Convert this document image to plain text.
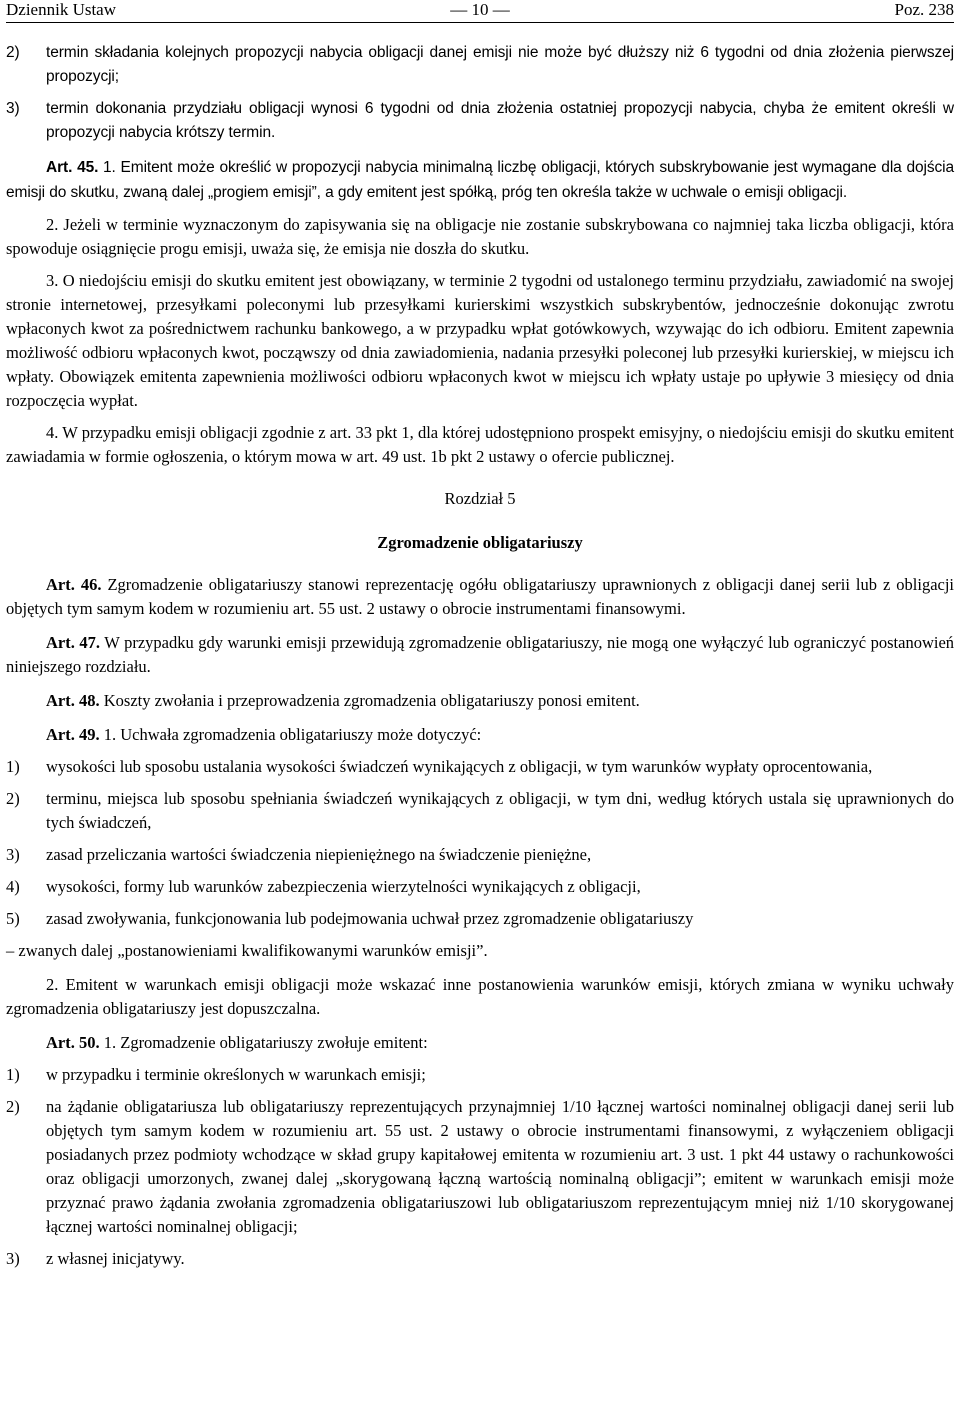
Dziennik Ustaw	— 10 —	Poz. 238
2)	termin składania kolejnych propozycji nabycia obligacji danej emisji nie może być dłuższy niż 6 tygodni od dnia złożenia pierwszej propozycji;
3)	termin dokonania przydziału obligacji wynosi 6 tygodni od dnia złożenia ostatniej propozycji nabycia, chyba że emitent określi w propozycji nabycia krótszy termin.

Art. 45. 1. Emitent może określić w propozycji nabycia minimalną liczbę obligacji, których subskrybowanie jest wymagane dla dojścia emisji do skutku, zwaną dalej „progiem emisji”, a gdy emitent jest spółką, próg ten określa także w uchwale o emisji obligacji.

2. Jeżeli w terminie wyznaczonym do zapisywania się na obligacje nie zostanie subskrybowana co najmniej taka liczba obligacji, która spowoduje osiągnięcie progu emisji, uważa się, że emisja nie doszła do skutku.

3. O niedojściu emisji do skutku emitent jest obowiązany, w terminie 2 tygodni od ustalonego terminu przydziału, zawiadomić na swojej stronie internetowej, przesyłkami poleconymi lub przesyłkami kurierskimi wszystkich subskrybentów, jednocześnie dokonując zwrotu wpłaconych kwot za pośrednictwem rachunku bankowego, a w przypadku wpłat gotówkowych, wzywając do ich odbioru. Emitent zapewnia możliwość odbioru wpłaconych kwot, począwszy od dnia zawiadomienia, nadania przesyłki poleconej lub przesyłki kurierskiej, w miejscu ich wpłaty. Obowiązek emitenta zapewnienia możliwości odbioru wpłaconych kwot w miejscu ich wpłaty ustaje po upływie 3 miesięcy od dnia rozpoczęcia wypłat.

4. W przypadku emisji obligacji zgodnie z art. 33 pkt 1, dla której udostępniono prospekt emisyjny, o niedojściu emisji do skutku emitent zawiadamia w formie ogłoszenia, o którym mowa w art. 49 ust. 1b pkt 2 ustawy o ofercie publicznej.

Rozdział 5

Zgromadzenie obligatariuszy

Art. 46. Zgromadzenie obligatariuszy stanowi reprezentację ogółu obligatariuszy uprawnionych z obligacji danej serii lub z obligacji objętych tym samym kodem w rozumieniu art. 55 ust. 2 ustawy o obrocie instrumentami finansowymi.

Art. 47. W przypadku gdy warunki emisji przewidują zgromadzenie obligatariuszy, nie mogą one wyłączyć lub ograniczyć postanowień niniejszego rozdziału.

Art. 48. Koszty zwołania i przeprowadzenia zgromadzenia obligatariuszy ponosi emitent.

Art. 49. 1. Uchwała zgromadzenia obligatariuszy może dotyczyć:

1)	wysokości lub sposobu ustalania wysokości świadczeń wynikających z obligacji, w tym warunków wypłaty oprocentowania,
2)	terminu, miejsca lub sposobu spełniania świadczeń wynikających z obligacji, w tym dni, według których ustala się uprawnionych do tych świadczeń,
3)	zasad przeliczania wartości świadczenia niepieniężnego na świadczenie pieniężne,
4)	wysokości, formy lub warunków zabezpieczenia wierzytelności wynikających z obligacji,
5)	zasad zwoływania, funkcjonowania lub podejmowania uchwał przez zgromadzenie obligatariuszy

– zwanych dalej „postanowieniami kwalifikowanymi warunków emisji”.

2. Emitent w warunkach emisji obligacji może wskazać inne postanowienia warunków emisji, których zmiana w wyniku uchwały zgromadzenia obligatariuszy jest dopuszczalna.

Art. 50. 1. Zgromadzenie obligatariuszy zwołuje emitent:

1)	w przypadku i terminie określonych w warunkach emisji;
2)	na żądanie obligatariusza lub obligatariuszy reprezentujących przynajmniej 1/10 łącznej wartości nominalnej obligacji danej serii lub objętych tym samym kodem w rozumieniu art. 55 ust. 2 ustawy o obrocie instrumentami finansowymi, z wyłączeniem obligacji posiadanych przez podmioty wchodzące w skład grupy kapitałowej emitenta w rozumieniu art. 3 ust. 1 pkt 44 ustawy o rachunkowości oraz obligacji umorzonych, zwanej dalej „skorygowaną łączną wartością nominalną obligacji”; emitent w warunkach emisji może przyznać prawo żądania zwołania zgromadzenia obligatariuszowi lub obligatariuszom reprezentującym mniej niż 1/10 skorygowanej łącznej wartości nominalnej obligacji;
3)	z własnej inicjatywy.
